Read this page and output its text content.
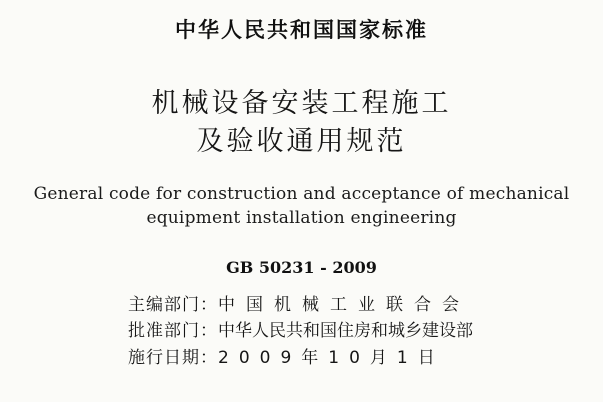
中华人民共和国国家标准
机械设备安装工程施工
及验收通用规范
General code for construction and acceptance of mechanical
equipment installation engineering
GB 50231 - 2009
主编部门：中国机械工业联合会
批准部门：中华人民共和国住房和城乡建设部
施行日期：2009年10月1日
